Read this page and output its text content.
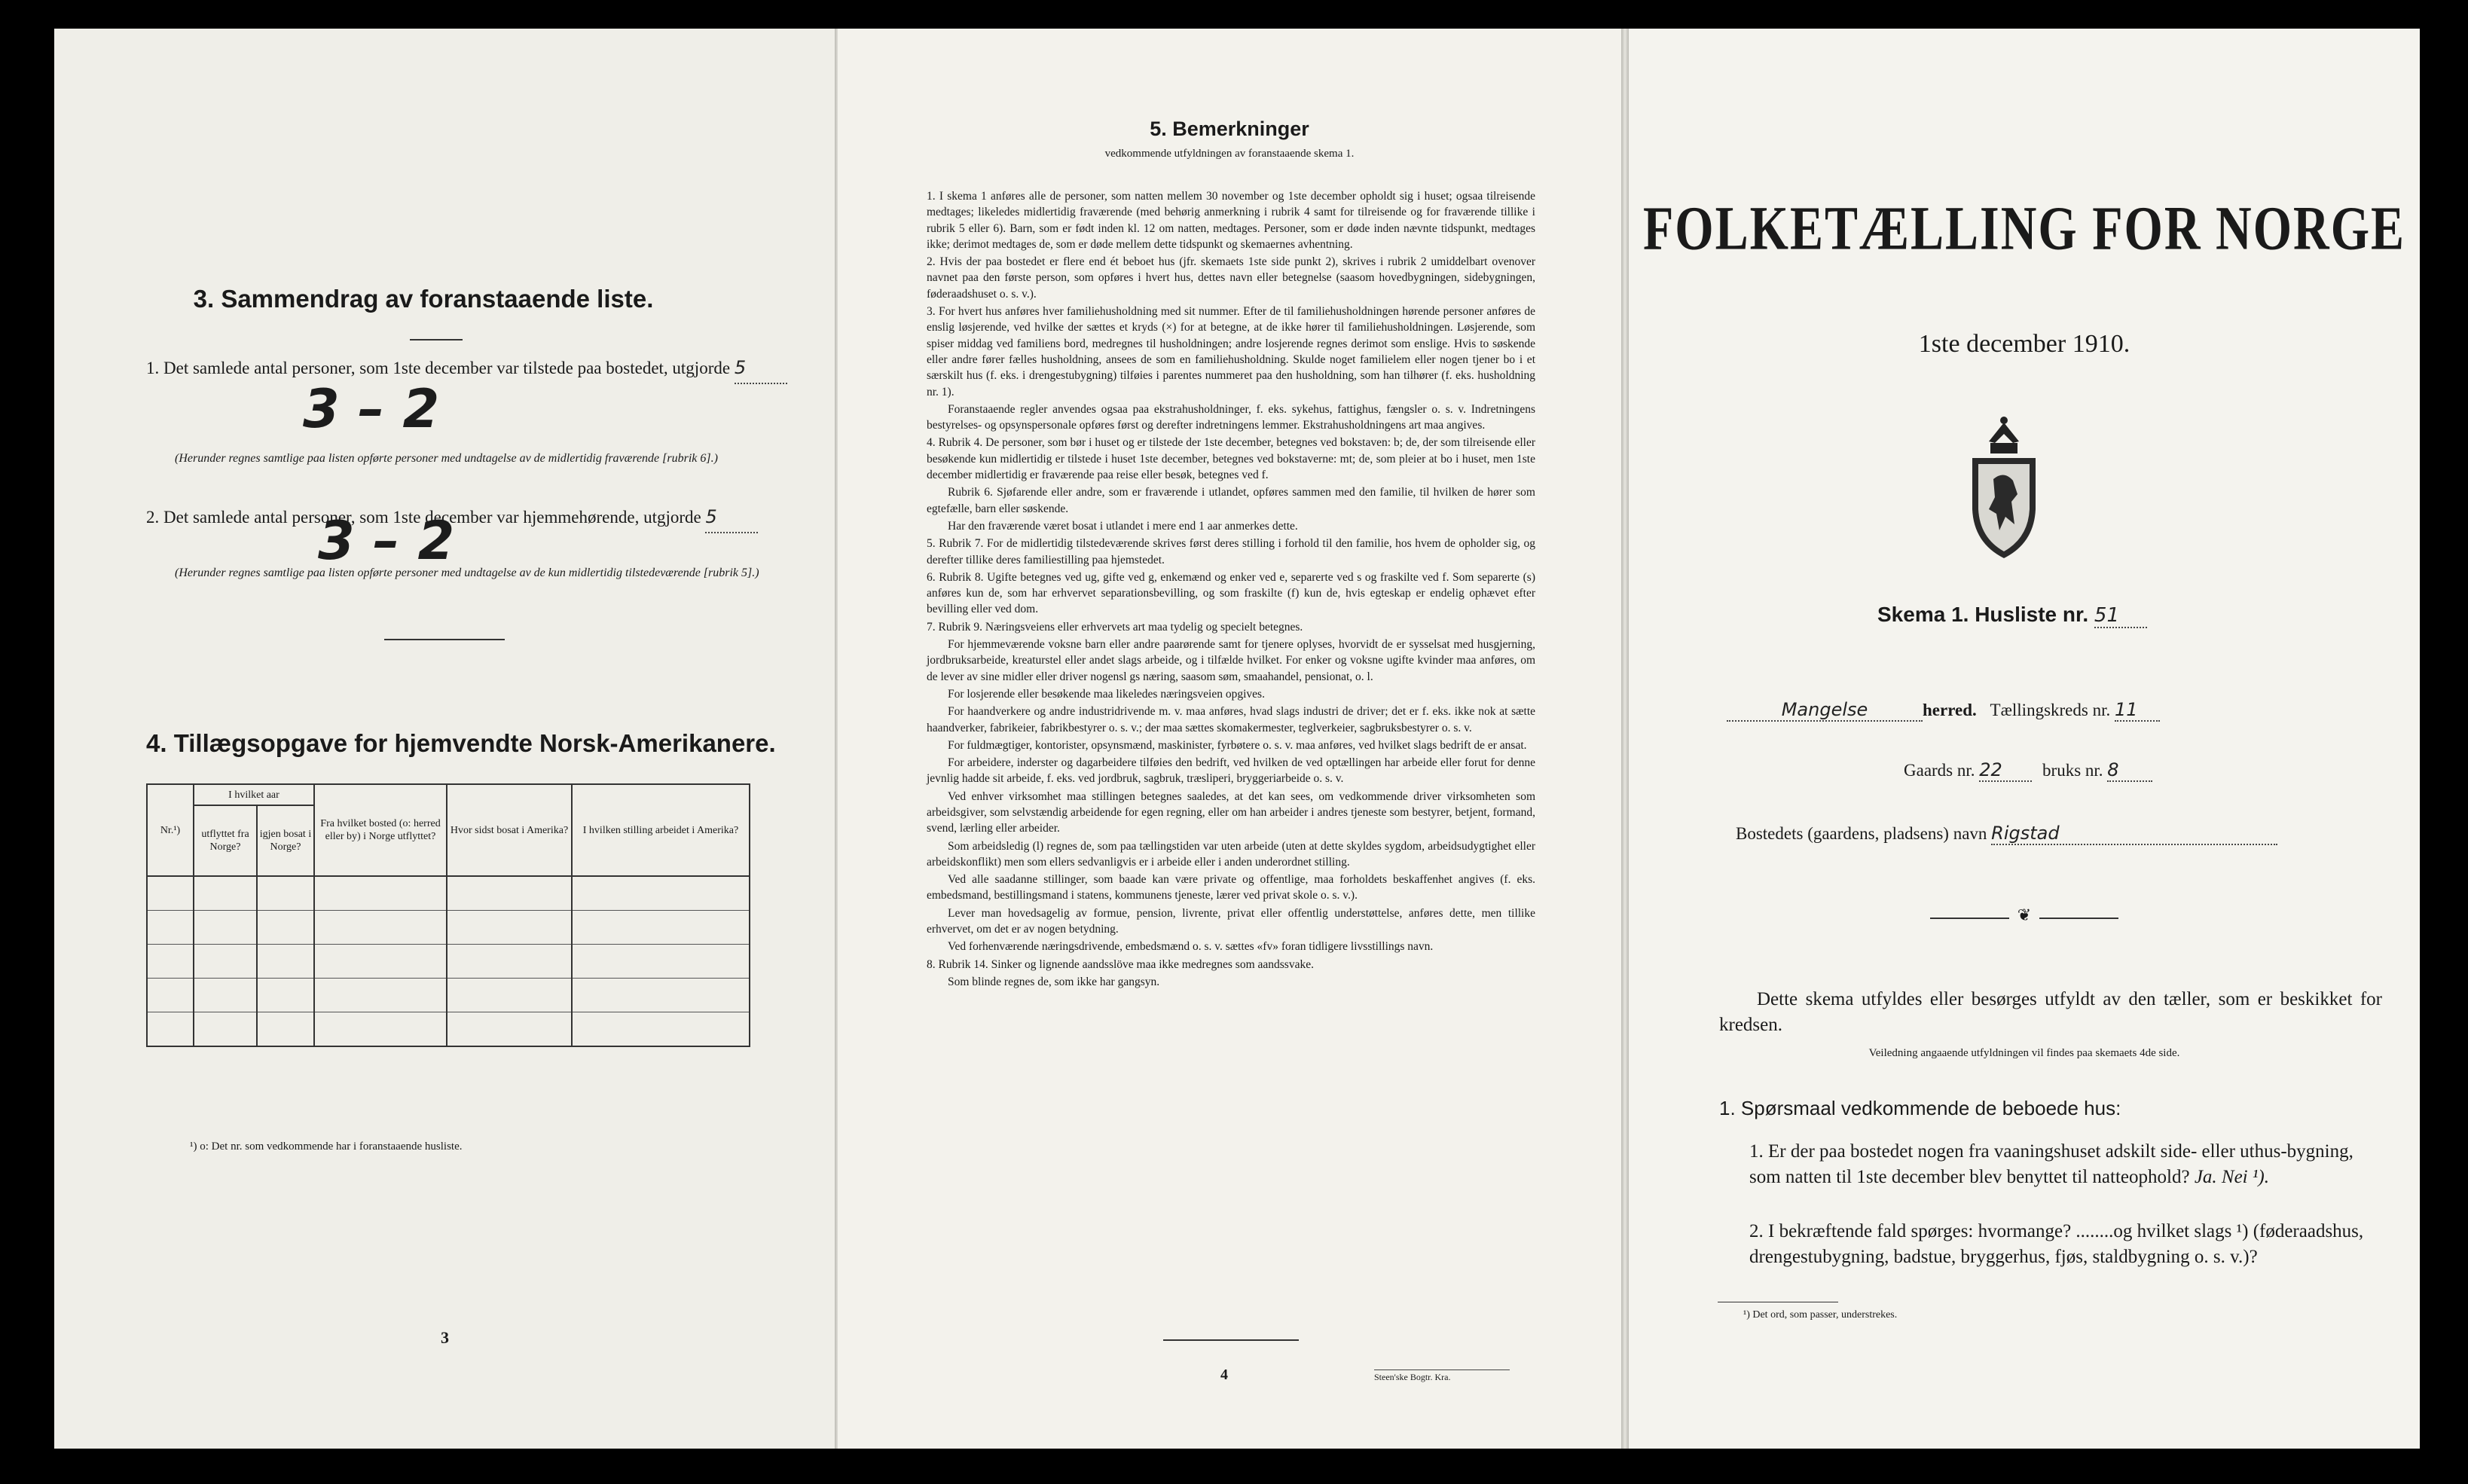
3. Sammendrag av foranstaaende liste.
1. Det samlede antal personer, som 1ste december var tilstede paa bostedet, utgjorde 5
3 – 2
(Herunder regnes samtlige paa listen opførte personer med undtagelse av de midlertidig fraværende [rubrik 6].)
2. Det samlede antal personer, som 1ste december var hjemmehørende, utgjorde 5
3 – 2
(Herunder regnes samtlige paa listen opførte personer med undtagelse av de kun midlertidig tilstedeværende [rubrik 5].)
4. Tillægsopgave for hjemvendte Norsk-Amerikanere.
Nr.¹)	I hvilket aar		Fra hvilket bosted (o: herred eller by) i Norge utflyttet?	Hvor sidst bosat i Amerika?	I hvilken stilling arbeidet i Amerika?
	utflyttet fra Norge?	igjen bosat i Norge?			

¹) o: Det nr. som vedkommende har i foranstaaende husliste.
3
5. Bemerkninger
vedkommende utfyldningen av foranstaaende skema 1.

1. I skema 1 anføres alle de personer, som natten mellem 30 november og 1ste december opholdt sig i huset; ogsaa tilreisende medtages; likeledes midlertidig fraværende (med behørig anmerkning i rubrik 4 samt for tilreisende og for fraværende tillike i rubrik 5 eller 6). Barn, som er født inden kl. 12 om natten, medtages. Personer, som er døde inden nævnte tidspunkt, medtages ikke; derimot medtages de, som er døde mellem dette tidspunkt og skemaernes avhentning.

2. Hvis der paa bostedet er flere end ét beboet hus (jfr. skemaets 1ste side punkt 2), skrives i rubrik 2 umiddelbart ovenover navnet paa den første person, som opføres i hvert hus, dettes navn eller betegnelse (saasom hovedbygningen, sidebygningen, føderaadshuset o. s. v.).

3. For hvert hus anføres hver familiehusholdning med sit nummer. Efter de til familiehusholdningen hørende personer anføres de enslig løsjerende, ved hvilke der sættes et kryds (×) for at betegne, at de ikke hører til familiehusholdningen. Løsjerende, som spiser middag ved familiens bord, medregnes til husholdningen; andre losjerende regnes derimot som enslige. Hvis to søskende eller andre fører fælles husholdning, ansees de som en familiehusholdning. Skulde noget familielem eller nogen tjener bo i et særskilt hus (f. eks. i drengestubygning) tilføies i parentes nummeret paa den husholdning, som han tilhører (f. eks. husholdning nr. 1).

Foranstaaende regler anvendes ogsaa paa ekstrahusholdninger, f. eks. sykehus, fattighus, fængsler o. s. v. Indretningens bestyrelses- og opsynspersonale opføres først og derefter indretningens lemmer. Ekstrahusholdningens art maa angives.

4. Rubrik 4. De personer, som bør i huset og er tilstede der 1ste december, betegnes ved bokstaven: b; de, der som tilreisende eller besøkende kun midlertidig er tilstede i huset 1ste december, betegnes ved bokstaverne: mt; de, som pleier at bo i huset, men 1ste december midlertidig er fraværende paa reise eller besøk, betegnes ved f.

Rubrik 6. Sjøfarende eller andre, som er fraværende i utlandet, opføres sammen med den familie, til hvilken de hører som egtefælle, barn eller søskende.

Har den fraværende været bosat i utlandet i mere end 1 aar anmerkes dette.

5. Rubrik 7. For de midlertidig tilstedeværende skrives først deres stilling i forhold til den familie, hos hvem de opholder sig, og derefter tillike deres familiestilling paa hjemstedet.

6. Rubrik 8. Ugifte betegnes ved ug, gifte ved g, enkemænd og enker ved e, separerte ved s og fraskilte ved f. Som separerte (s) anføres kun de, som har erhvervet separationsbevilling, og som fraskilte (f) kun de, hvis egteskap er endelig ophævet efter bevilling eller ved dom.

7. Rubrik 9. Næringsveiens eller erhvervets art maa tydelig og specielt betegnes.

For hjemmeværende voksne barn eller andre paarørende samt for tjenere oplyses, hvorvidt de er sysselsat med husgjerning, jordbruksarbeide, kreaturstel eller andet slags arbeide, og i tilfælde hvilket. For enker og voksne ugifte kvinder maa anføres, om de lever av sine midler eller driver nogensl gs næring, saasom søm, smaahandel, pensionat, o. l.

For losjerende eller besøkende maa likeledes næringsveien opgives.

For haandverkere og andre industridrivende m. v. maa anføres, hvad slags industri de driver; det er f. eks. ikke nok at sætte haandverker, fabrikeier, fabrikbestyrer o. s. v.; der maa sættes skomakermester, teglverkeier, sagbruksbestyrer o. s. v.

For fuldmægtiger, kontorister, opsynsmænd, maskinister, fyrbøtere o. s. v. maa anføres, ved hvilket slags bedrift de er ansat.

For arbeidere, inderster og dagarbeidere tilføies den bedrift, ved hvilken de ved optællingen har arbeide eller forut for denne jevnlig hadde sit arbeide, f. eks. ved jordbruk, sagbruk, træsliperi, bryggeriarbeide o. s. v.

Ved enhver virksomhet maa stillingen betegnes saaledes, at det kan sees, om vedkommende driver virksomheten som arbeidsgiver, som selvstændig arbeidende for egen regning, eller om han arbeider i andres tjeneste som bestyrer, betjent, formand, svend, lærling eller arbeider.

Som arbeidsledig (l) regnes de, som paa tællingstiden var uten arbeide (uten at dette skyldes sygdom, arbeidsudygtighet eller arbeidskonflikt) men som ellers sedvanligvis er i arbeide eller i anden underordnet stilling.

Ved alle saadanne stillinger, som baade kan være private og offentlige, maa forholdets beskaffenhet angives (f. eks. embedsmand, bestillingsmand i statens, kommunens tjeneste, lærer ved privat skole o. s. v.).

Lever man hovedsagelig av formue, pension, livrente, privat eller offentlig understøttelse, anføres dette, men tillike erhvervet, om det er av nogen betydning.

Ved forhenværende næringsdrivende, embedsmænd o. s. v. sættes «fv» foran tidligere livsstillings navn.

8. Rubrik 14. Sinker og lignende aandsslöve maa ikke medregnes som aandssvake.

Som blinde regnes de, som ikke har gangsyn.

4	Steen'ske Bogtr. Kra.
FOLKETÆLLING FOR NORGE
1ste december 1910.
Skema 1. Husliste nr. 51
Mangelse	herred. Tællingskreds nr. 11
Gaards nr. 22 bruks nr. 8
Bostedets (gaardens, pladsens) navn Rigstad
❦
Dette skema utfyldes eller besørges utfyldt av den tæller, som er beskikket for kredsen.
Veiledning angaaende utfyldningen vil findes paa skemaets 4de side.
1. Spørsmaal vedkommende de beboede hus:
1. Er der paa bostedet nogen fra vaaningshuset adskilt side- eller uthus-bygning, som natten til 1ste december blev benyttet til natteophold? Ja. Nei ¹).
2. I bekræftende fald spørges: hvormange? ........og hvilket slags ¹) (føderaadshus, drengestubygning, badstue, bryggerhus, fjøs, staldbygning o. s. v.)?
¹) Det ord, som passer, understrekes.
